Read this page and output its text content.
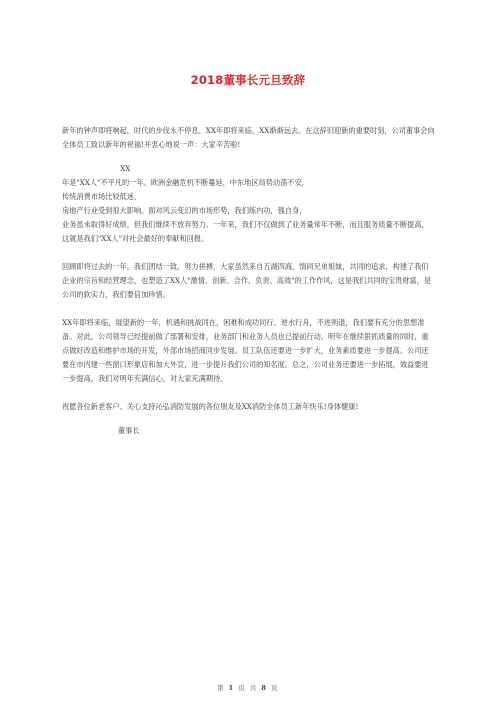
2018董事长元旦致辞

新年的钟声即将响起，时代的步伐永不停息，XX年即将来临，XX渐渐远去。在这辞旧迎新的重要时刻，公司董事会向全体员工致以新年的祝福!并衷心地说一声：大家辛苦啦!

XX

年是"XX人"不平凡的一年。欧洲金融危机不断蔓延，中东地区局势动荡不安，

传统消费市场比较低迷，

房地产行业受到很大影响。面对风云变幻的市场形势，我们练内功，强自身，

业务虽未取得好成绩，但我们继续不放弃努力。一年来，我们不仅做到了业务量常年不断，而且服务质量不断提高， 这就是我们"XX人"对社会最好的奉献和回报。

回顾即将过去的一年，我们团结一致，努力拼搏，大家虽然来自五湖四海，情同兄弟姐妹，共同的追求，构建了我们企业的宗旨和经营理念，也塑造了XX人"激情、创新、合作、负责、高效"的工作作风，这是我们共同的宝贵财富，是公司的软实力，我们要倍加珍惜。

XX年即将来临，展望新的一年，机遇和挑战同在，困难和成功同行。逆水行舟，不进则退，我们要有充分的思想准备。对此，公司领导已经提前做了部署和安排，业务部门和业务人员也已提前行动。明年在继续狠抓质量的同时，重点做好改造和维护市场的开发，外部市场招商同步发展。员工队伍还要进一步扩大，业务素质要进一步提高。公司还要在市内建一些窗口形象店和加大外宣，进一步提升我们公司的知名度。总之，公司业务还要进一步拓展，效益要进一步提高，我们对明年充满信心，对大家充满期待。

祝愿各位新老客户、关心支持沁弘消防发展的各位朋友及XX消防全体员工新年快乐!身体健康!

董事长

第 1 页 共 8 页
